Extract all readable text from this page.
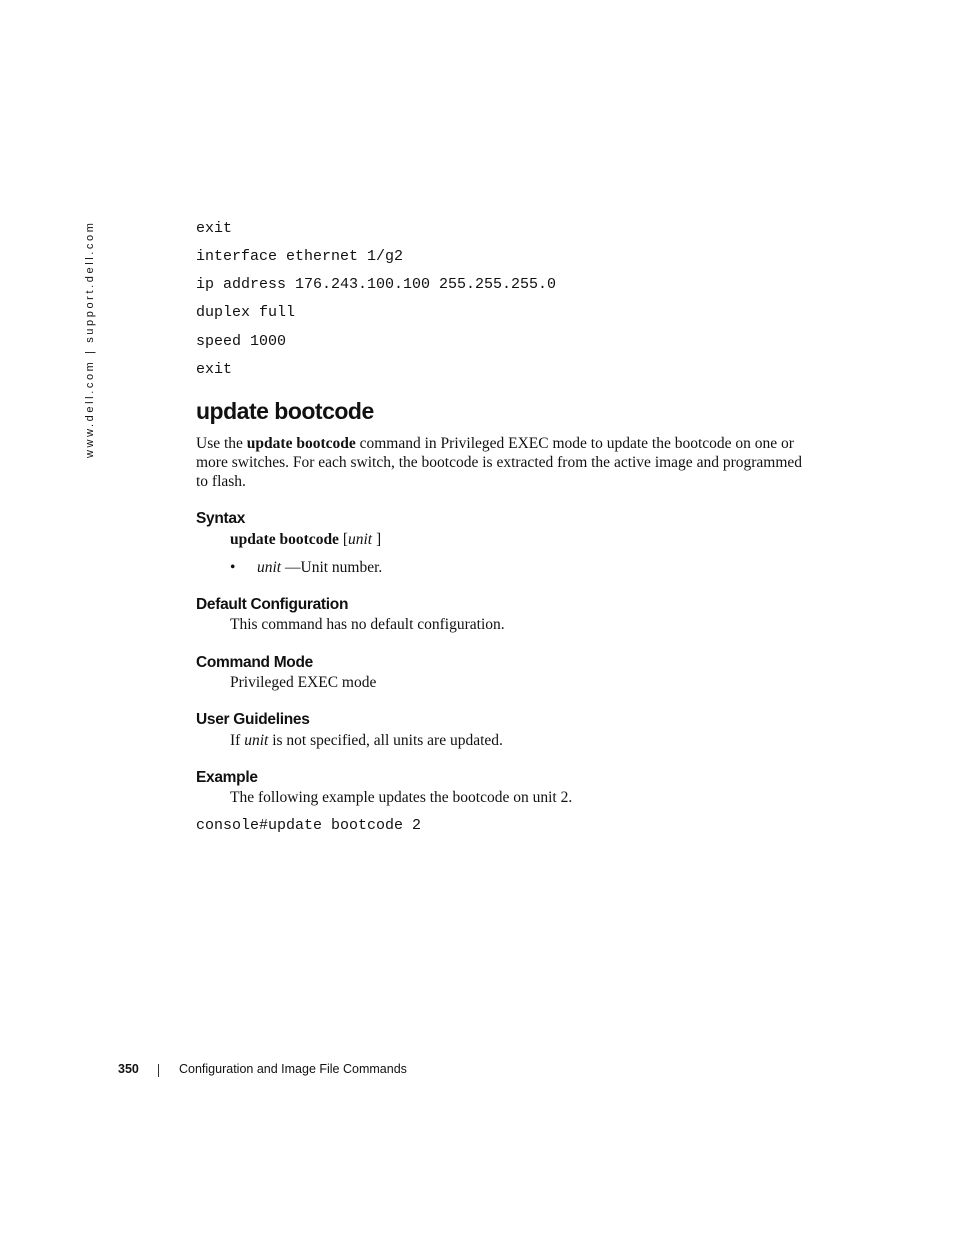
www.dell.com | support.dell.com	exit
interface ethernet 1/g2
ip address 176.243.100.100 255.255.255.0
duplex full
speed 1000
exit
update bootcode
Use the update bootcode command in Privileged EXEC mode to update the bootcode on one or
more switches. For each switch, the bootcode is extracted from the active image and programmed
to flash.
Syntax
update bootcode [unit ]
• unit —Unit number.
Default Configuration
This command has no default configuration.
Command Mode
Privileged EXEC mode
User Guidelines
If unit is not specified, all units are updated.
Example
The following example updates the bootcode on unit 2.
console#update bootcode 2
350	Configuration and Image File Commands
